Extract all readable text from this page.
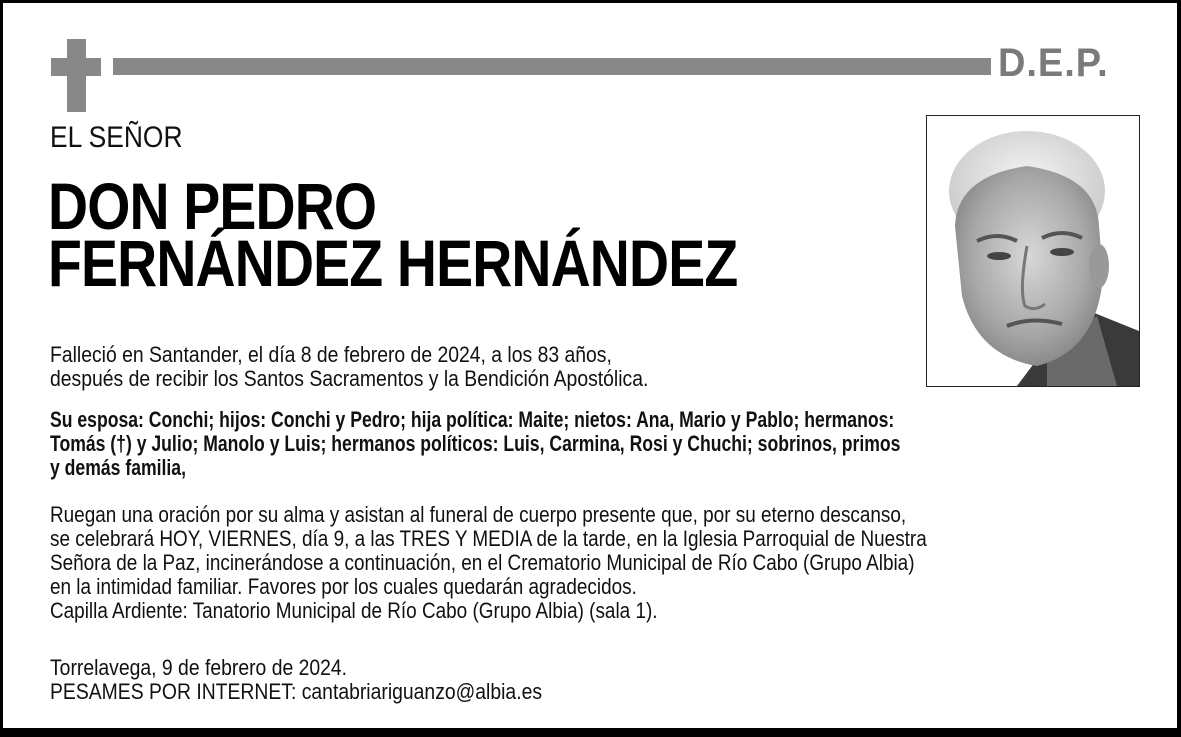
D.E.P.
EL SEÑOR
DON PEDRO
FERNÁNDEZ HERNÁNDEZ
Falleció en Santander, el día 8 de febrero de 2024, a los 83 años,
después de recibir los Santos Sacramentos y la Bendición Apostólica.
Su esposa: Conchi; hijos: Conchi y Pedro; hija política: Maite; nietos: Ana, Mario y Pablo; hermanos:
Tomás (†) y Julio; Manolo y Luis; hermanos políticos: Luis, Carmina, Rosi y Chuchi; sobrinos, primos
y demás familia,
Ruegan una oración por su alma y asistan al funeral de cuerpo presente que, por su eterno descanso,
se celebrará HOY, VIERNES, día 9, a las TRES Y MEDIA de la tarde, en la Iglesia Parroquial de Nuestra
Señora de la Paz, incinerándose a continuación, en el Crematorio Municipal de Río Cabo (Grupo Albia)
en la intimidad familiar. Favores por los cuales quedarán agradecidos.
Capilla Ardiente: Tanatorio Municipal de Río Cabo (Grupo Albia) (sala 1).
Torrelavega, 9 de febrero de 2024.
PESAMES POR INTERNET: cantabriariguanzo@albia.es
